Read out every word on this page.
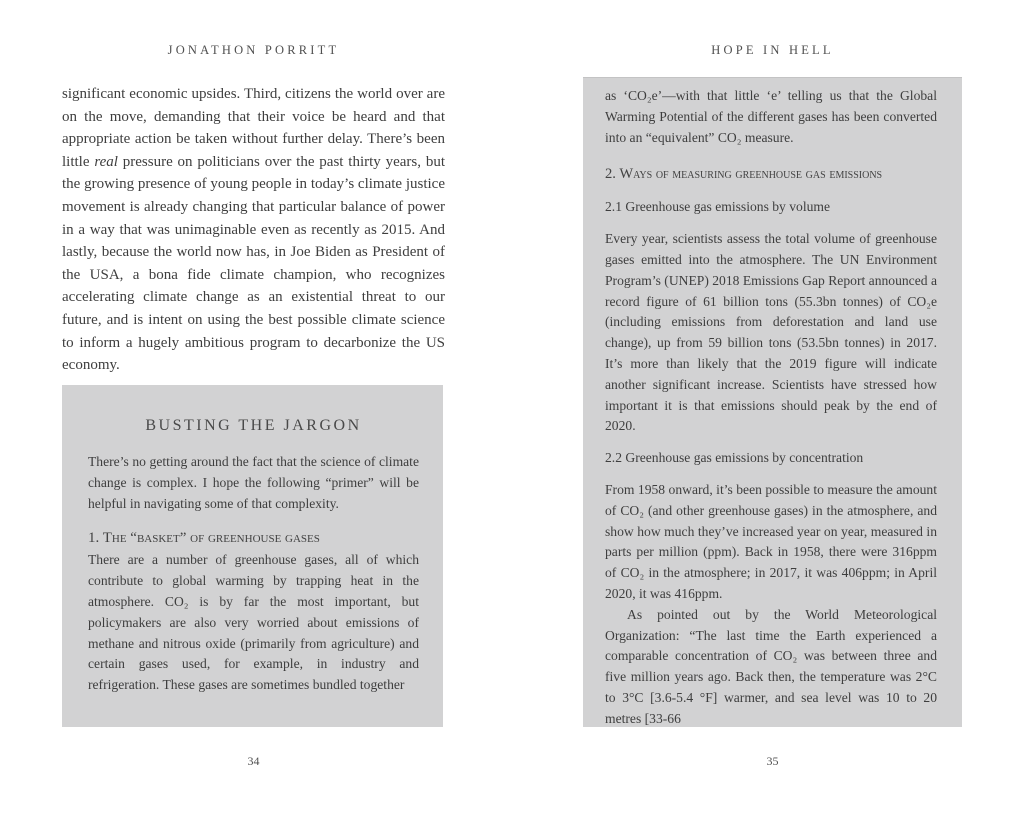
JONATHON PORRITT
significant economic upsides. Third, citizens the world over are on the move, demanding that their voice be heard and that appropriate action be taken without further delay. There’s been little real pressure on politicians over the past thirty years, but the growing presence of young people in today’s climate justice movement is already changing that particular balance of power in a way that was unimaginable even as recently as 2015. And lastly, because the world now has, in Joe Biden as President of the USA, a bona fide climate champion, who recognizes accelerating climate change as an existential threat to our future, and is intent on using the best possible climate science to inform a hugely ambitious program to decarbonize the US economy.
BUSTING THE JARGON

There’s no getting around the fact that the science of climate change is complex. I hope the following “primer” will be helpful in navigating some of that complexity.

1. The “basket” of greenhouse gases

There are a number of greenhouse gases, all of which contribute to global warming by trapping heat in the atmosphere. CO₂ is by far the most important, but policymakers are also very worried about emissions of methane and nitrous oxide (primarily from agriculture) and certain gases used, for example, in industry and refrigeration. These gases are sometimes bundled together

34
HOPE IN HELL

as ‘CO₂e’—with that little ‘e’ telling us that the Global Warming Potential of the different gases has been converted into an “equivalent” CO₂ measure.

2. Ways of measuring greenhouse gas emissions

2.1 Greenhouse gas emissions by volume

Every year, scientists assess the total volume of greenhouse gases emitted into the atmosphere. The UN Environment Program’s (UNEP) 2018 Emissions Gap Report announced a record figure of 61 billion tons (55.3bn tonnes) of CO₂e (including emissions from deforestation and land use change), up from 59 billion tons (53.5bn tonnes) in 2017. It’s more than likely that the 2019 figure will indicate another significant increase. Scientists have stressed how important it is that emissions should peak by the end of 2020.

2.2 Greenhouse gas emissions by concentration

From 1958 onward, it’s been possible to measure the amount of CO₂ (and other greenhouse gases) in the atmosphere, and show how much they’ve increased year on year, measured in parts per million (ppm). Back in 1958, there were 316ppm of CO₂ in the atmosphere; in 2017, it was 406ppm; in April 2020, it was 416ppm.

As pointed out by the World Meteorological Organization: “The last time the Earth experienced a comparable concentration of CO₂ was between three and five million years ago. Back then, the temperature was 2°C to 3°C [3.6-5.4 °F] warmer, and sea level was 10 to 20 metres [33-66

35
